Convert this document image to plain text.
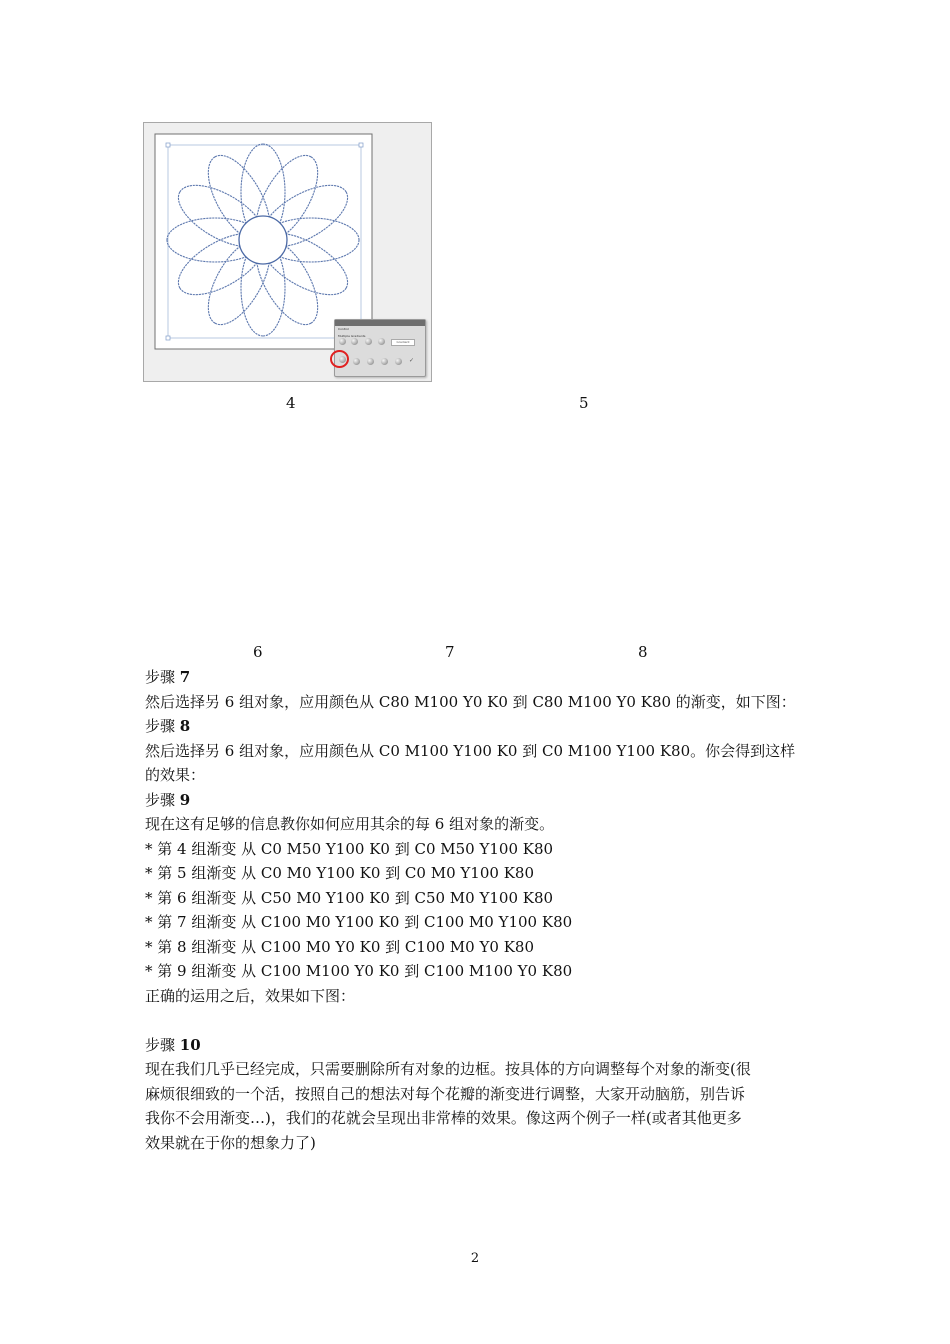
Control
Multiple Gradients
Gradient
✓
4	5
6	7	8

步骤 7

然后选择另 6 组对象，应用颜色从 C80 M100 Y0 K0 到 C80 M100 Y0 K80 的渐变，如下图：

步骤 8

然后选择另 6 组对象，应用颜色从 C0 M100 Y100 K0 到 C0 M100 Y100 K80。你会得到这样

的效果：

步骤 9

现在这有足够的信息教你如何应用其余的每 6 组对象的渐变。

* 第 4 组渐变 从 C0 M50 Y100 K0 到 C0 M50 Y100 K80

* 第 5 组渐变 从 C0 M0 Y100 K0 到 C0 M0 Y100 K80

* 第 6 组渐变 从 C50 M0 Y100 K0 到 C50 M0 Y100 K80

* 第 7 组渐变 从 C100 M0 Y100 K0 到 C100 M0 Y100 K80

* 第 8 组渐变 从 C100 M0 Y0 K0 到 C100 M0 Y0 K80

* 第 9 组渐变 从 C100 M100 Y0 K0 到 C100 M100 Y0 K80

正确的运用之后，效果如下图：

步骤 10

现在我们几乎已经完成，只需要删除所有对象的边框。按具体的方向调整每个对象的渐变(很

麻烦很细致的一个活，按照自己的想法对每个花瓣的渐变进行调整，大家开动脑筋，别告诉

我你不会用渐变…)，我们的花就会呈现出非常棒的效果。像这两个例子一样(或者其他更多

效果就在于你的想象力了)

2
